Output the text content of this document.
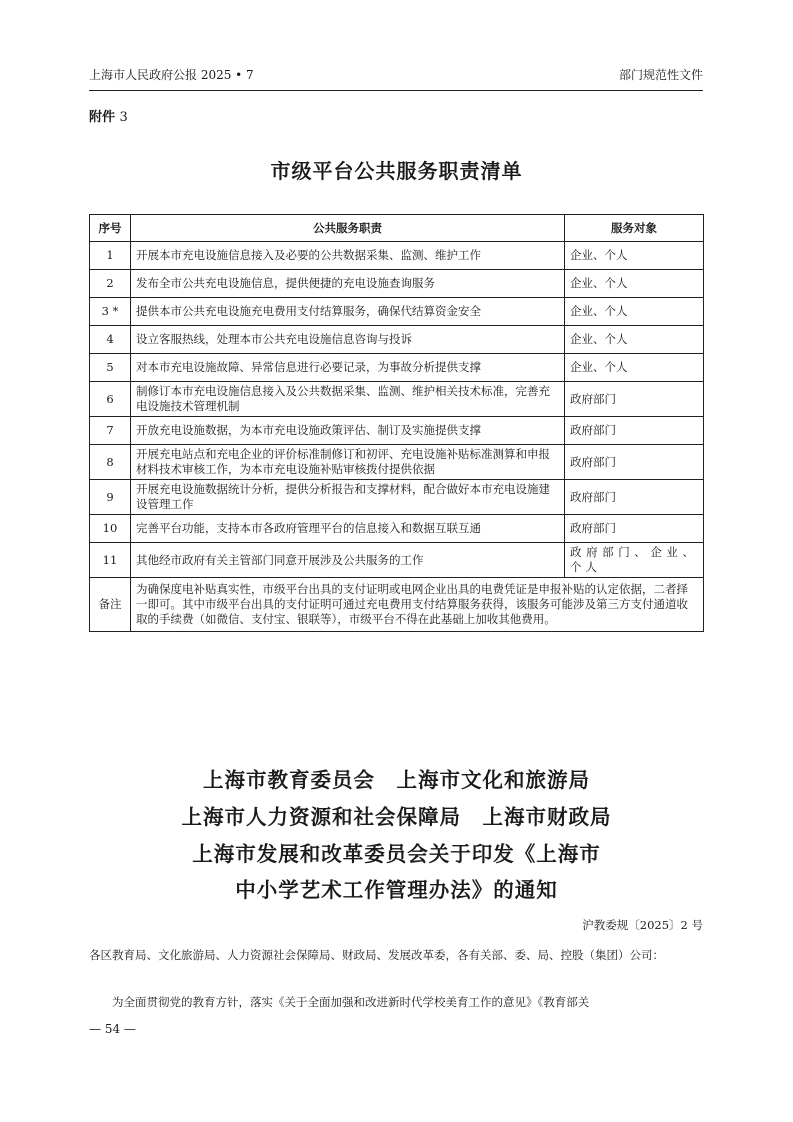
上海市人民政府公报 2025 • 7	部门规范性文件
附件 3
市级平台公共服务职责清单
序号	公共服务职责	服务对象
1	开展本市充电设施信息接入及必要的公共数据采集、监测、维护工作	企业、个人
2	发布全市公共充电设施信息，提供便捷的充电设施查询服务	企业、个人
3 *	提供本市公共充电设施充电费用支付结算服务，确保代结算资金安全	企业、个人
4	设立客服热线，处理本市公共充电设施信息咨询与投诉	企业、个人
5	对本市充电设施故障、异常信息进行必要记录，为事故分析提供支撑	企业、个人
6	制修订本市充电设施信息接入及公共数据采集、监测、维护相关技术标准，完善充电设施技术管理机制	政府部门
7	开放充电设施数据，为本市充电设施政策评估、制订及实施提供支撑	政府部门
8	开展充电站点和充电企业的评价标准制修订和初评、充电设施补贴标准测算和申报材料技术审核工作，为本市充电设施补贴审核拨付提供依据	政府部门
9	开展充电设施数据统计分析，提供分析报告和支撑材料，配合做好本市充电设施建设管理工作	政府部门
10	完善平台功能，支持本市各政府管理平台的信息接入和数据互联互通	政府部门
11	其他经市政府有关主管部门同意开展涉及公共服务的工作	政府部门、企业、个人
备注	为确保度电补贴真实性，市级平台出具的支付证明或电网企业出具的电费凭证是申报补贴的认定依据，二者择一即可。其中市级平台出具的支付证明可通过充电费用支付结算服务获得，该服务可能涉及第三方支付通道收取的手续费（如微信、支付宝、银联等），市级平台不得在此基础上加收其他费用。	
上海市教育委员会　上海市文化和旅游局
上海市人力资源和社会保障局　上海市财政局
上海市发展和改革委员会关于印发《上海市
中小学艺术工作管理办法》的通知
沪教委规〔2025〕2 号
各区教育局、文化旅游局、人力资源社会保障局、财政局、发展改革委，各有关部、委、局、控股（集团）公司：
为全面贯彻党的教育方针，落实《关于全面加强和改进新时代学校美育工作的意见》《教育部关
— 54 —
